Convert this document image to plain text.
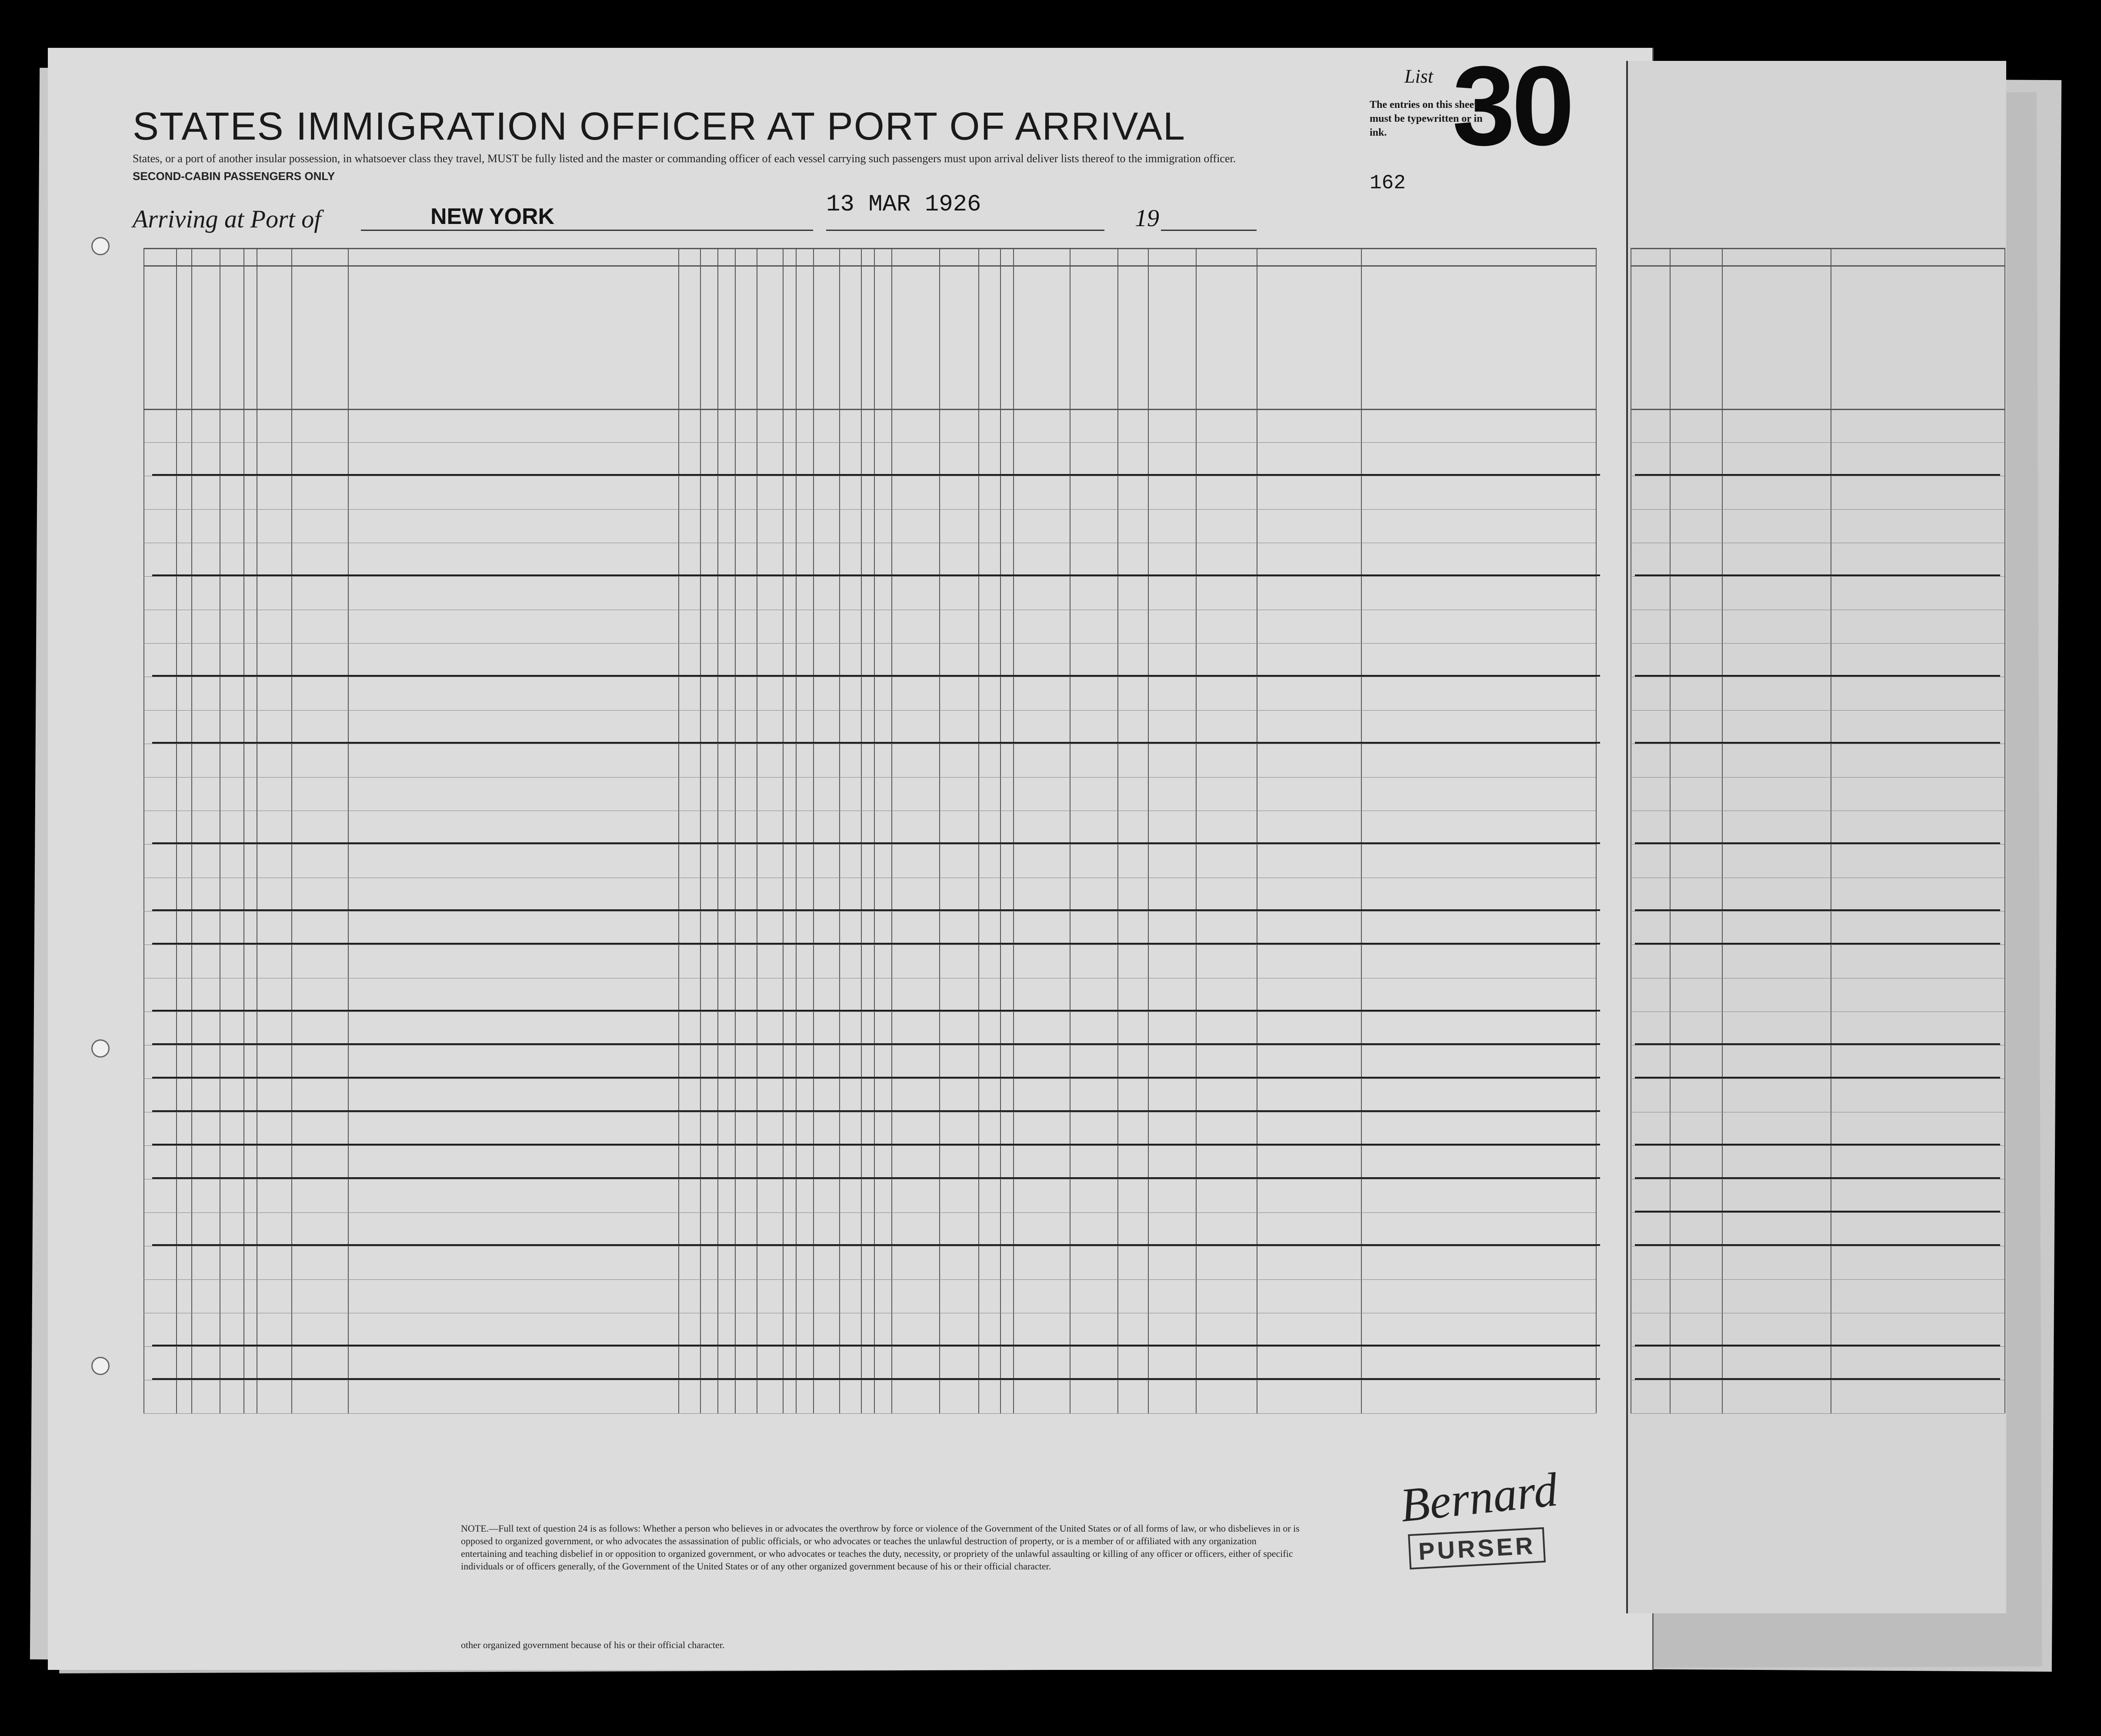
List 30
The entries on this sheet must be typewritten or in ink.
162
STATES IMMIGRATION OFFICER AT PORT OF ARRIVAL
States, or a port of another insular possession, in whatsoever class they travel, MUST be fully listed and the master or commanding officer of each vessel carrying such passengers must upon arrival deliver lists thereof to the immigration officer.
SECOND-CABIN PASSENGERS ONLY
Arriving at Port of	NEW YORK	13 MAR 1926
19
NOTE.—Full text of question 24 is as follows: Whether a person who believes in or advocates the overthrow by force or violence of the Government of the United States or of all forms of law, or who disbelieves in or is opposed to organized government, or who advocates the assassination of public officials, or who advocates or teaches the unlawful destruction of property, or is a member of or affiliated with any organization entertaining and teaching disbelief in or opposition to organized government, or who advocates or teaches the duty, necessity, or propriety of the unlawful assaulting or killing of any officer or officers, either of specific individuals or of officers generally, of the Government of the United States or of any other organized government because of his or their official character.
other organized government because of his or their official character.
Bernard
PURSER
